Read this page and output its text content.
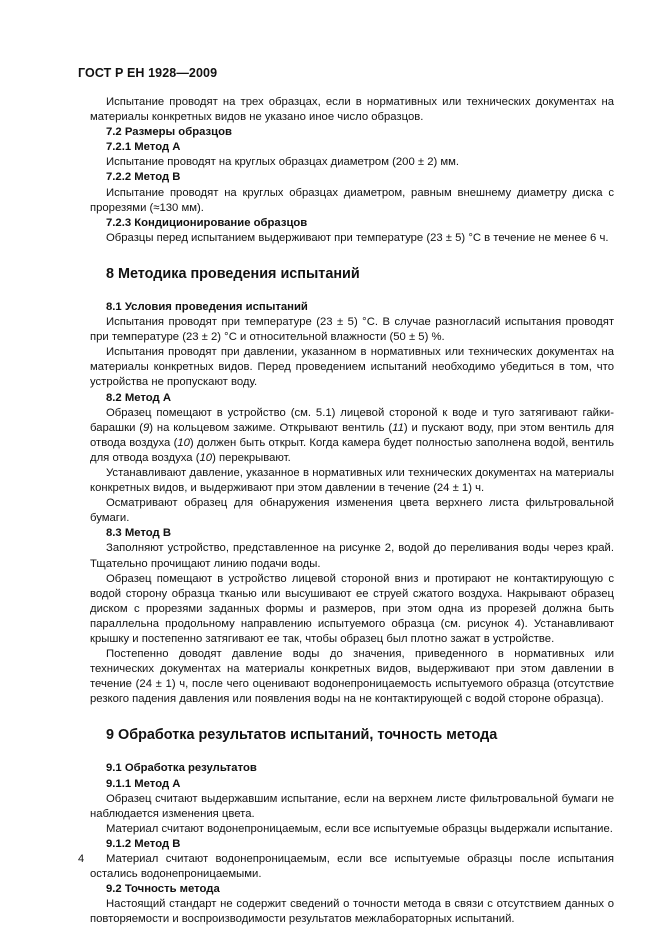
ГОСТ Р ЕН 1928—2009

Испытание проводят на трех образцах, если в нормативных или технических документах на материалы конкретных видов не указано иное число образцов.

7.2 Размеры образцов

7.2.1 Метод А

Испытание проводят на круглых образцах диаметром (200 ± 2) мм.

7.2.2 Метод В

Испытание проводят на круглых образцах диаметром, равным внешнему диаметру диска с прорезями (≈130 мм).

7.2.3 Кондиционирование образцов

Образцы перед испытанием выдерживают при температуре (23 ± 5) °С в течение не менее 6 ч.

8 Методика проведения испытаний

8.1 Условия проведения испытаний

Испытания проводят при температуре (23 ± 5) °С. В случае разногласий испытания проводят при температуре (23 ± 2) °С и относительной влажности (50 ± 5) %.

Испытания проводят при давлении, указанном в нормативных или технических документах на материалы конкретных видов. Перед проведением испытаний необходимо убедиться в том, что устройства не пропускают воду.

8.2 Метод А

Образец помещают в устройство (см. 5.1) лицевой стороной к воде и туго затягивают гайки-барашки (9) на кольцевом зажиме. Открывают вентиль (11) и пускают воду, при этом вентиль для отвода воздуха (10) должен быть открыт. Когда камера будет полностью заполнена водой, вентиль для отвода воздуха (10) перекрывают.

Устанавливают давление, указанное в нормативных или технических документах на материалы конкретных видов, и выдерживают при этом давлении в течение (24 ± 1) ч.

Осматривают образец для обнаружения изменения цвета верхнего листа фильтровальной бумаги.

8.3 Метод В

Заполняют устройство, представленное на рисунке 2, водой до переливания воды через край. Тщательно прочищают линию подачи воды.

Образец помещают в устройство лицевой стороной вниз и протирают не контактирующую с водой сторону образца тканью или высушивают ее струей сжатого воздуха. Накрывают образец диском с прорезями заданных формы и размеров, при этом одна из прорезей должна быть параллельна продольному направлению испытуемого образца (см. рисунок 4). Устанавливают крышку и постепенно затягивают ее так, чтобы образец был плотно зажат в устройстве.

Постепенно доводят давление воды до значения, приведенного в нормативных или технических документах на материалы конкретных видов, выдерживают при этом давлении в течение (24 ± 1) ч, после чего оценивают водонепроницаемость испытуемого образца (отсутствие резкого падения давления или появления воды на не контактирующей с водой стороне образца).

9 Обработка результатов испытаний, точность метода

9.1 Обработка результатов

9.1.1 Метод А

Образец считают выдержавшим испытание, если на верхнем листе фильтровальной бумаги не наблюдается изменения цвета.

Материал считают водонепроницаемым, если все испытуемые образцы выдержали испытание.

9.1.2 Метод В

Материал считают водонепроницаемым, если все испытуемые образцы после испытания остались водонепроницаемыми.

9.2 Точность метода

Настоящий стандарт не содержит сведений о точности метода в связи с отсутствием данных о повторяемости и воспроизводимости результатов межлабораторных испытаний.

4
